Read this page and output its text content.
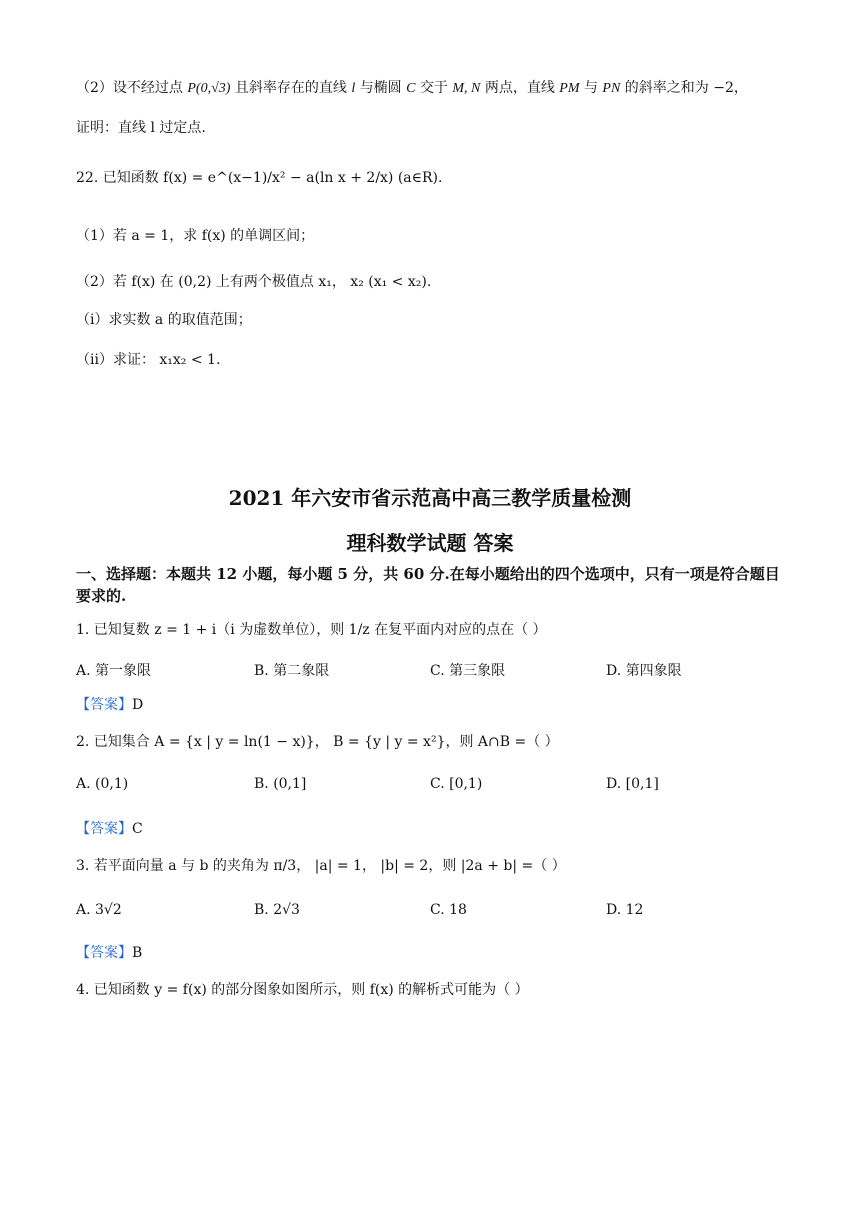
（2）设不经过点 P(0,√3) 且斜率存在的直线 l 与椭圆 C 交于 M, N 两点，直线 PM 与 PN 的斜率之和为 −2，
证明：直线 l 过定点.
22. 已知函数 f(x) = e^(x−1)/x² − a(ln x + 2/x) (a∈R).
（1）若 a = 1，求 f(x) 的单调区间；
（2）若 f(x) 在 (0,2) 上有两个极值点 x₁， x₂ (x₁ < x₂).
（i）求实数 a 的取值范围；
（ii）求证： x₁x₂ < 1.
2021 年六安市省示范高中高三教学质量检测
理科数学试题 答案
一、选择题：本题共 12 小题，每小题 5 分，共 60 分.在每小题给出的四个选项中，只有一项是符合题目要求的.
1. 已知复数 z = 1 + i（i 为虚数单位），则 1/z 在复平面内对应的点在（ ）
A. 第一象限	B. 第二象限	C. 第三象限	D. 第四象限
【答案】D
2. 已知集合 A = {x | y = ln(1 − x)}， B = {y | y = x²}，则 A∩B =（ ）
A. (0,1)	B. (0,1]	C. [0,1)	D. [0,1]
【答案】C
3. 若平面向量 a 与 b 的夹角为 π/3， |a| = 1， |b| = 2，则 |2a + b| =（ ）
A. 3√2	B. 2√3	C. 18	D. 12
【答案】B
4. 已知函数 y = f(x) 的部分图象如图所示，则 f(x) 的解析式可能为（ ）
